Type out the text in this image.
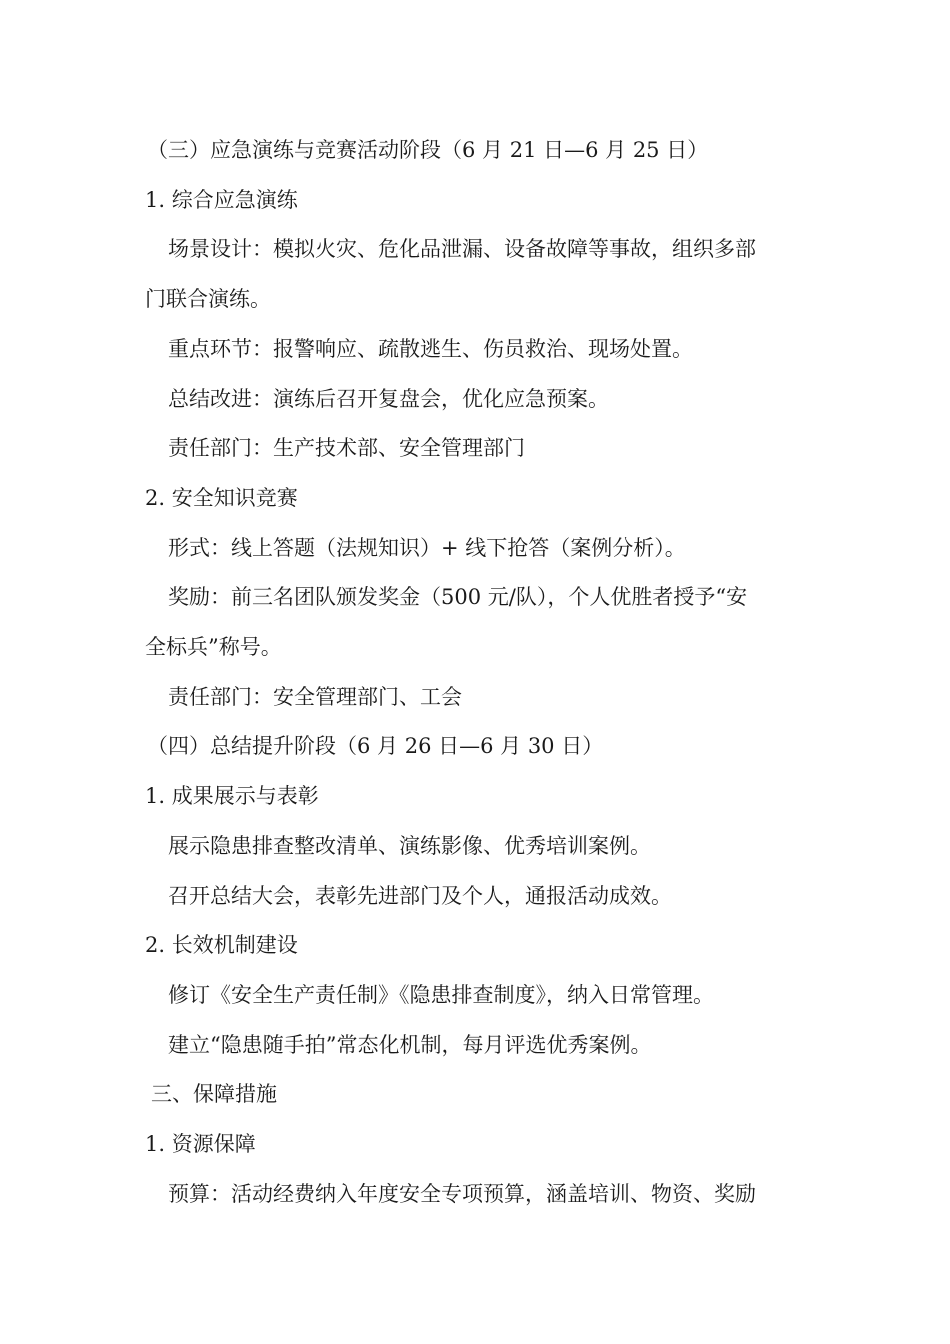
（三）应急演练与竞赛活动阶段（6 月 21 日—6 月 25 日）

1. 综合应急演练

场景设计：模拟火灾、危化品泄漏、设备故障等事故，组织多部

门联合演练。

重点环节：报警响应、疏散逃生、伤员救治、现场处置。

总结改进：演练后召开复盘会，优化应急预案。

责任部门：生产技术部、安全管理部门

2. 安全知识竞赛

形式：线上答题（法规知识）+ 线下抢答（案例分析）。

奖励：前三名团队颁发奖金（500 元/队），个人优胜者授予“安

全标兵”称号。

责任部门：安全管理部门、工会

（四）总结提升阶段（6 月 26 日—6 月 30 日）

1. 成果展示与表彰

展示隐患排查整改清单、演练影像、优秀培训案例。

召开总结大会，表彰先进部门及个人，通报活动成效。

2. 长效机制建设

修订《安全生产责任制》《隐患排查制度》，纳入日常管理。

建立“隐患随手拍”常态化机制，每月评选优秀案例。

三、保障措施

1. 资源保障

预算：活动经费纳入年度安全专项预算，涵盖培训、物资、奖励
